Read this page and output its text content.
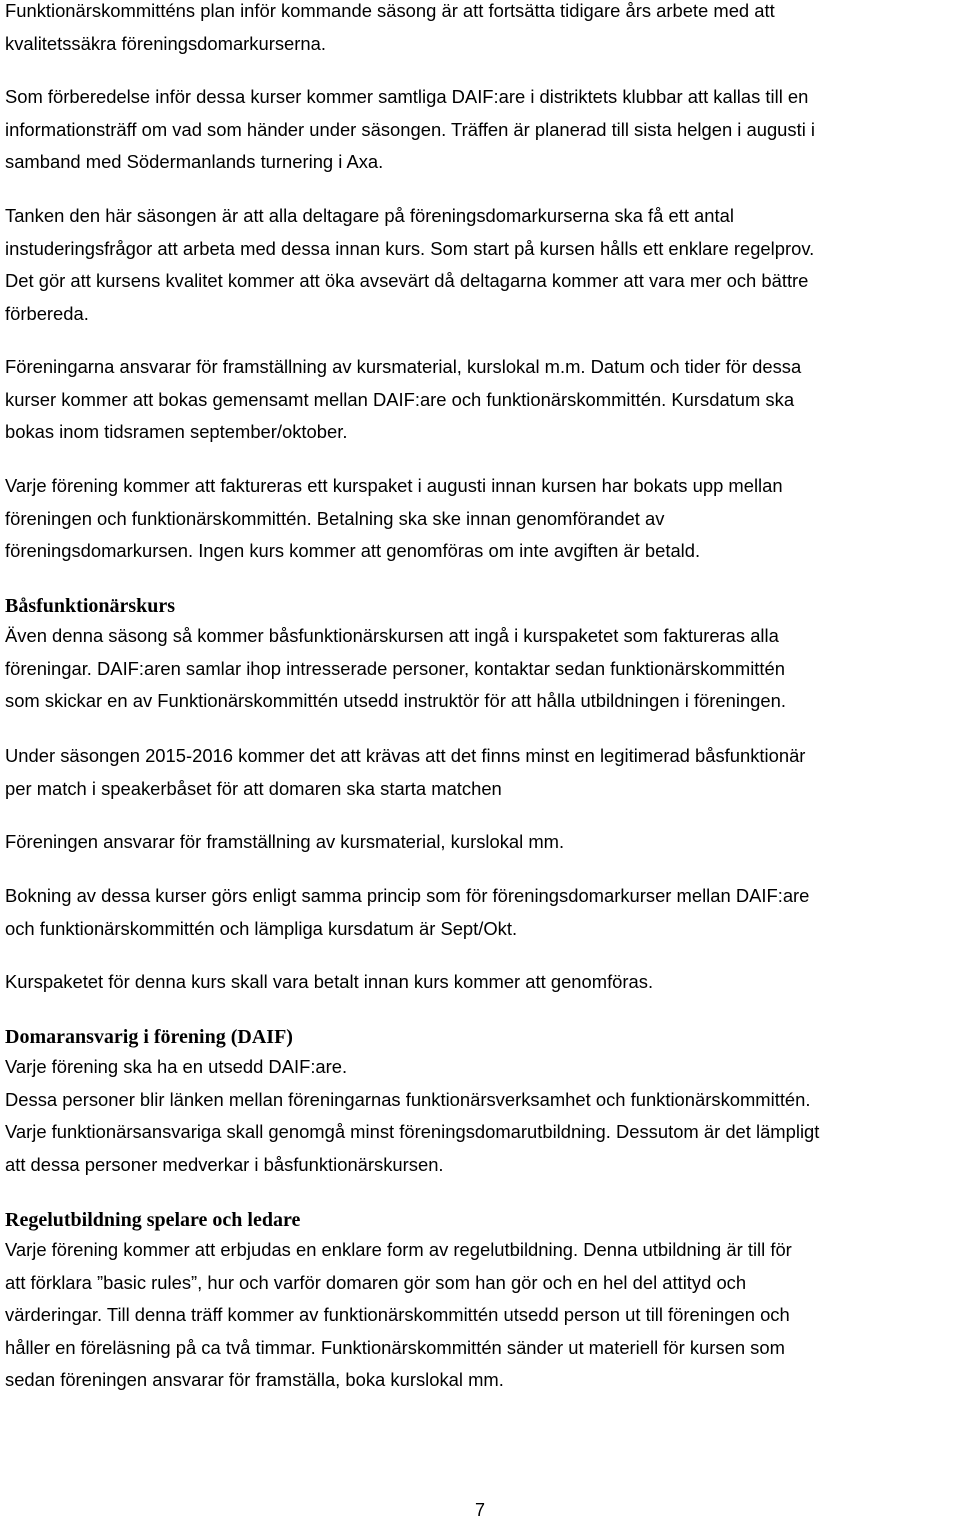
Funktionärskommitténs plan inför kommande säsong är att fortsätta tidigare års arbete med att
kvalitetssäkra föreningsdomarkurserna.
Som förberedelse inför dessa kurser kommer samtliga DAIF:are i distriktets klubbar att kallas till en
informationsträff om vad som händer under säsongen. Träffen är planerad till sista helgen i augusti i
samband med Södermanlands turnering i Axa.
Tanken den här säsongen är att alla deltagare på föreningsdomarkurserna ska få ett antal
instuderingsfrågor att arbeta med dessa innan kurs. Som start på kursen hålls ett enklare regelprov.
Det gör att kursens kvalitet kommer att öka avsevärt då deltagarna kommer att vara mer och bättre
förbereda.
Föreningarna ansvarar för framställning av kursmaterial, kurslokal m.m. Datum och tider för dessa
kurser kommer att bokas gemensamt mellan DAIF:are och funktionärskommittén. Kursdatum ska
bokas inom tidsramen september/oktober.
Varje förening kommer att faktureras ett kurspaket i augusti innan kursen har bokats upp mellan
föreningen och funktionärskommittén. Betalning ska ske innan genomförandet av
föreningsdomarkursen. Ingen kurs kommer att genomföras om inte avgiften är betald.
Båsfunktionärskurs
Även denna säsong så kommer båsfunktionärskursen att ingå i kurspaketet som faktureras alla
föreningar. DAIF:aren samlar ihop intresserade personer, kontaktar sedan funktionärskommittén
som skickar en av Funktionärskommittén utsedd instruktör för att hålla utbildningen i föreningen.
Under säsongen 2015-2016 kommer det att krävas att det finns minst en legitimerad båsfunktionär
per match i speakerbåset för att domaren ska starta matchen
Föreningen ansvarar för framställning av kursmaterial, kurslokal mm.
Bokning av dessa kurser görs enligt samma princip som för föreningsdomarkurser mellan DAIF:are
och funktionärskommittén och lämpliga kursdatum är Sept/Okt.
Kurspaketet för denna kurs skall vara betalt innan kurs kommer att genomföras.
Domaransvarig i förening (DAIF)
Varje förening ska ha en utsedd DAIF:are.
Dessa personer blir länken mellan föreningarnas funktionärsverksamhet och funktionärskommittén.
Varje funktionärsansvariga skall genomgå minst föreningsdomarutbildning. Dessutom är det lämpligt
att dessa personer medverkar i båsfunktionärskursen.
Regelutbildning spelare och ledare
Varje förening kommer att erbjudas en enklare form av regelutbildning. Denna utbildning är till för
att förklara ”basic rules”, hur och varför domaren gör som han gör och en hel del attityd och
värderingar. Till denna träff kommer av funktionärskommittén utsedd person ut till föreningen och
håller en föreläsning på ca två timmar. Funktionärskommittén sänder ut materiell för kursen som
sedan föreningen ansvarar för framställa, boka kurslokal mm.
7
